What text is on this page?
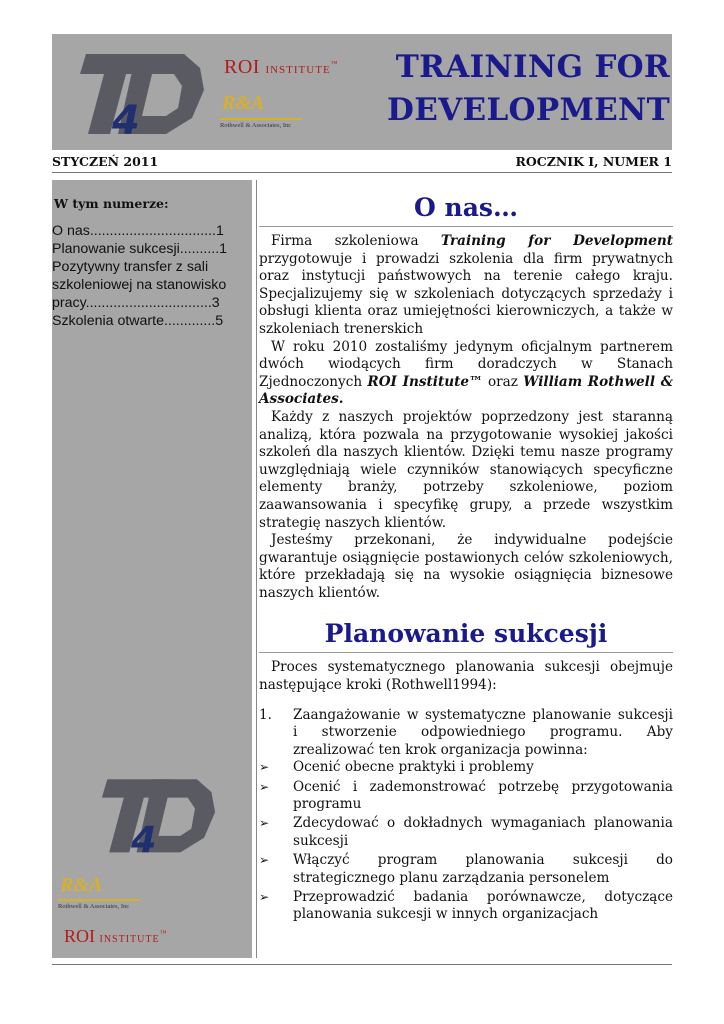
4
ROI INSTITUTE™
R&A
Rothwell & Associates, Inc
TRAINING FOR
DEVELOPMENT
STYCZEŃ 2011	ROCZNIK I, NUMER 1
W tym numerze:
O nas................................1
Planowanie sukcesji..........1
Pozytywny transfer z sali szkoleniowej na stanowisko pracy................................3
Szkolenia otwarte.............5
4
R&A
Rothwell & Associates, Inc
ROI INSTITUTE™
O nas…

Firma szkoleniowa Training for Development przygotowuje i prowadzi szkolenia dla firm prywatnych oraz instytucji państwowych na terenie całego kraju. Specjalizujemy się w szkoleniach dotyczących sprzedaży i obsługi klienta oraz umiejętności kierowniczych, a także w szkoleniach trenerskich

W roku 2010 zostaliśmy jedynym oficjalnym partnerem dwóch wiodących firm doradczych w Stanach Zjednoczonych ROI Institute™ oraz William Rothwell & Associates.

Każdy z naszych projektów poprzedzony jest staranną analizą, która pozwala na przygotowanie wysokiej jakości szkoleń dla naszych klientów. Dzięki temu nasze programy uwzględniają wiele czynników stanowiących specyficzne elementy branży, potrzeby szkoleniowe, poziom zaawansowania i specyfikę grupy, a przede wszystkim strategię naszych klientów.

Jesteśmy przekonani, że indywidualne podejście gwarantuje osiągnięcie postawionych celów szkoleniowych, które przekładają się na wysokie osiągnięcia biznesowe naszych klientów.

Planowanie sukcesji

Proces systematycznego planowania sukcesji obejmuje następujące kroki (Rothwell1994):

1.	Zaangażowanie w systematyczne planowanie sukcesji i stworzenie odpowiedniego programu. Aby zrealizować ten krok organizacja powinna:
➢	Ocenić obecne praktyki i problemy
➢	Ocenić i zademonstrować potrzebę przygotowania programu
➢	Zdecydować o dokładnych wymaganiach planowania sukcesji
➢	Włączyć program planowania sukcesji do strategicznego planu zarządzania personelem
➢	Przeprowadzić badania porównawcze, dotyczące planowania sukcesji w innych organizacjach
